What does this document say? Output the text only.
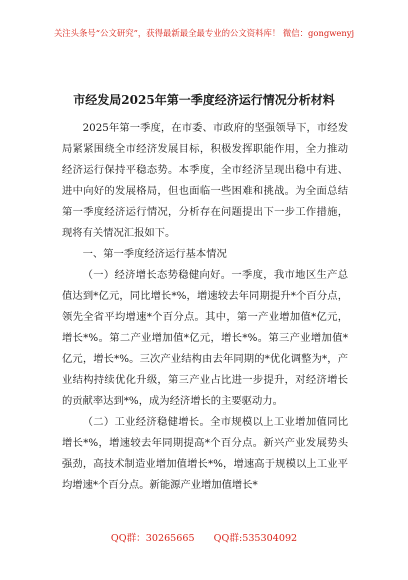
关注头条号“公文研究”，获得最新最全最专业的公文资料库！ 微信：gongwenyj
市经发局2025年第一季度经济运行情况分析材料

2025年第一季度，在市委、市政府的坚强领导下，市经发局紧紧围绕全市经济发展目标，积极发挥职能作用，全力推动经济运行保持平稳态势。本季度，全市经济呈现出稳中有进、进中向好的发展格局，但也面临一些困难和挑战。为全面总结第一季度经济运行情况，分析存在问题提出下一步工作措施，现将有关情况汇报如下。

一、第一季度经济运行基本情况

（一）经济增长态势稳健向好。一季度，我市地区生产总值达到*亿元，同比增长*%，增速较去年同期提升*个百分点，领先全省平均增速*个百分点。其中，第一产业增加值*亿元，增长*%。第二产业增加值*亿元，增长*%。第三产业增加值*亿元，增长*%。三次产业结构由去年同期的*优化调整为*，产业结构持续优化升级，第三产业占比进一步提升，对经济增长的贡献率达到*%，成为经济增长的主要驱动力。

（二）工业经济稳健增长。全市规模以上工业增加值同比增长*%，增速较去年同期提高*个百分点。新兴产业发展势头强劲，高技术制造业增加值增长*%，增速高于规模以上工业平均增速*个百分点。新能源产业增加值增长*

QQ群：30265665 QQ群:535304092
